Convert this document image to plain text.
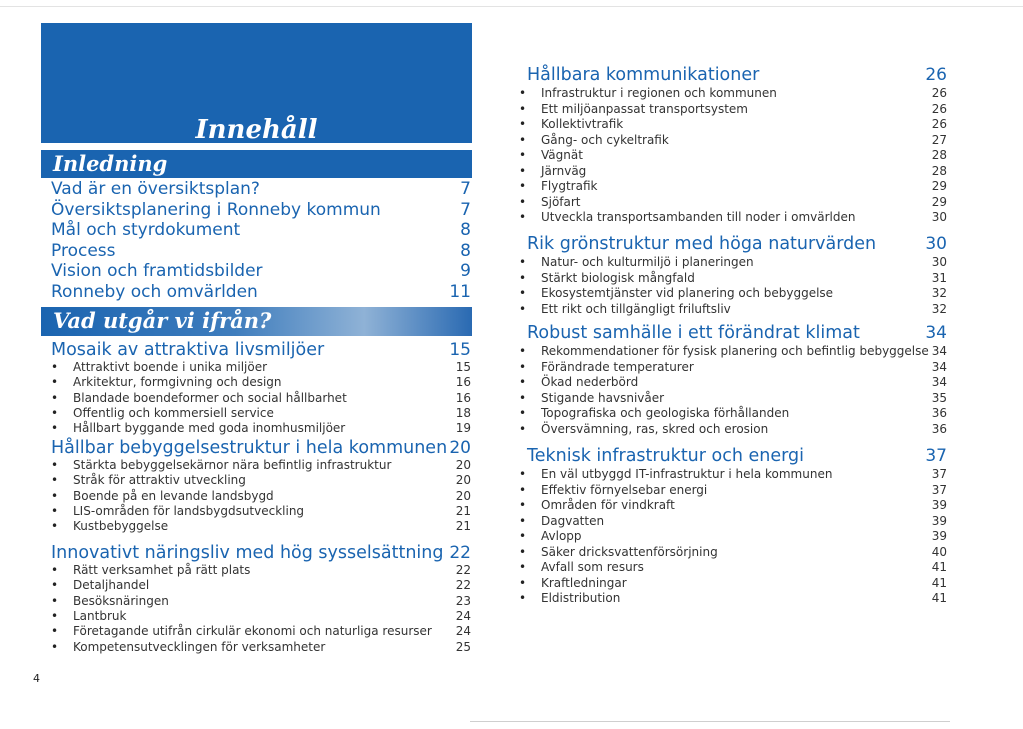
Innehåll
Inledning
Vad är en översiktsplan?	7
Översiktsplanering i Ronneby kommun	7
Mål och styrdokument	8
Process	8
Vision och framtidsbilder	9
Ronneby och omvärlden	11
Vad utgår vi ifrån?
Mosaik av attraktiva livsmiljöer	15
• Attraktivt boende i unika miljöer	15
• Arkitektur, formgivning och design	16
• Blandade boendeformer och social hållbarhet	16
• Offentlig och kommersiell service	18
• Hållbart byggande med goda inomhusmiljöer	19
Hållbar bebyggelsestruktur i hela kommunen 20
• Stärkta bebyggelsekärnor nära befintlig infrastruktur	20
• Stråk för attraktiv utveckling	20
• Boende på en levande landsbygd	20
• LIS-områden för landsbygdsutveckling	21
• Kustbebyggelse	21
Innovativt näringsliv med hög sysselsättning 22
• Rätt verksamhet på rätt plats	22
• Detaljhandel	22
• Besöksnäringen	23
• Lantbruk	24
• Företagande utifrån cirkulär ekonomi och naturliga resurser 24
• Kompetensutvecklingen för verksamheter	25
Hållbara kommunikationer	26
• Infrastruktur i regionen och kommunen	26
• Ett miljöanpassat transportsystem	26
• Kollektivtrafik	26
• Gång- och cykeltrafik	27
• Vägnät	28
• Järnväg	28
• Flygtrafik	29
• Sjöfart	29
• Utveckla transportsambanden till noder i omvärlden	30
Rik grönstruktur med höga naturvärden	30
• Natur- och kulturmiljö i planeringen	30
• Stärkt biologisk mångfald	31
• Ekosystemtjänster vid planering och bebyggelse	32
• Ett rikt och tillgängligt friluftsliv	32
Robust samhälle i ett förändrat klimat	34
• Rekommendationer för fysisk planering och befintlig bebyggelse 34
• Förändrade temperaturer	34
• Ökad nederbörd	34
• Stigande havsnivåer	35
• Topografiska och geologiska förhållanden	36
• Översvämning, ras, skred och erosion	36
Teknisk infrastruktur och energi	37
• En väl utbyggd IT-infrastruktur i hela kommunen	37
• Effektiv förnyelsebar energi	37
• Områden för vindkraft	39
• Dagvatten	39
• Avlopp	39
• Säker dricksvattenförsörjning	40
• Avfall som resurs	41
• Kraftledningar	41
• Eldistribution	41
4
